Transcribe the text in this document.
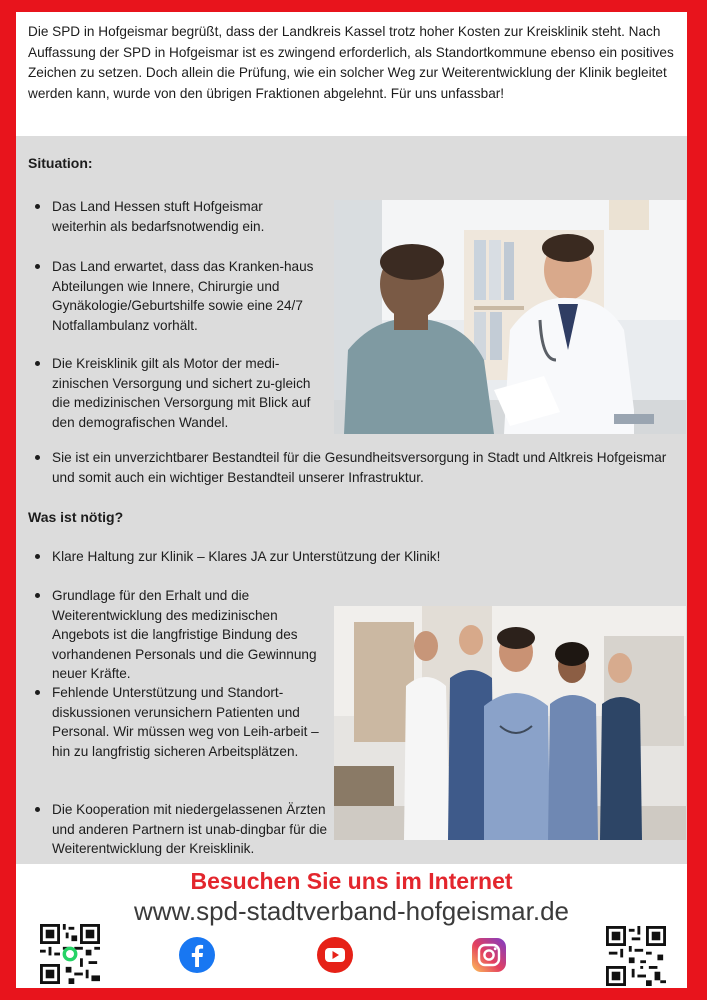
Die SPD in Hofgeismar begrüßt, dass der Landkreis Kassel trotz hoher Kosten zur Kreisklinik steht. Nach Auffassung der SPD in Hofgeismar ist es zwingend erforderlich, als Standortkommune ebenso ein positives Zeichen zu setzen. Doch allein die Prüfung, wie ein solcher Weg zur Weiterentwicklung der Klinik begleitet werden kann, wurde von den übrigen Fraktionen abgelehnt. Für uns unfassbar!

Situation:
Das Land Hessen stuft Hofgeismar weiterhin als bedarfsnotwendig ein.
Das Land erwartet, dass das Kranken-haus Abteilungen wie Innere, Chirurgie und Gynäkologie/Geburtshilfe sowie eine 24/7 Notfallambulanz vorhält.
Die Kreisklinik gilt als Motor der medi-zinischen Versorgung und sichert zu-gleich die medizinischen Versorgung mit Blick auf den demografischen Wandel.
Sie ist ein unverzichtbarer Bestandteil für die Gesundheitsversorgung in Stadt und Altkreis Hofgeismar und somit auch ein wichtiger Bestandteil unserer Infrastruktur.
Was ist nötig?
Klare Haltung zur Klinik – Klares JA zur Unterstützung der Klinik!
Grundlage für den Erhalt und die Weiterentwicklung des medizinischen Angebots ist die langfristige Bindung des vorhandenen Personals und die Gewinnung neuer Kräfte.
Fehlende Unterstützung und Standort-diskussionen verunsichern Patienten und Personal. Wir müssen weg von Leih-arbeit – hin zu langfristig sicheren Arbeitsplätzen.
Die Kooperation mit niedergelassenen Ärzten und anderen Partnern ist unab-dingbar für die Weiterentwicklung der Kreisklinik.
Besuchen Sie uns im Internet
www.spd-stadtverband-hofgeismar.de
